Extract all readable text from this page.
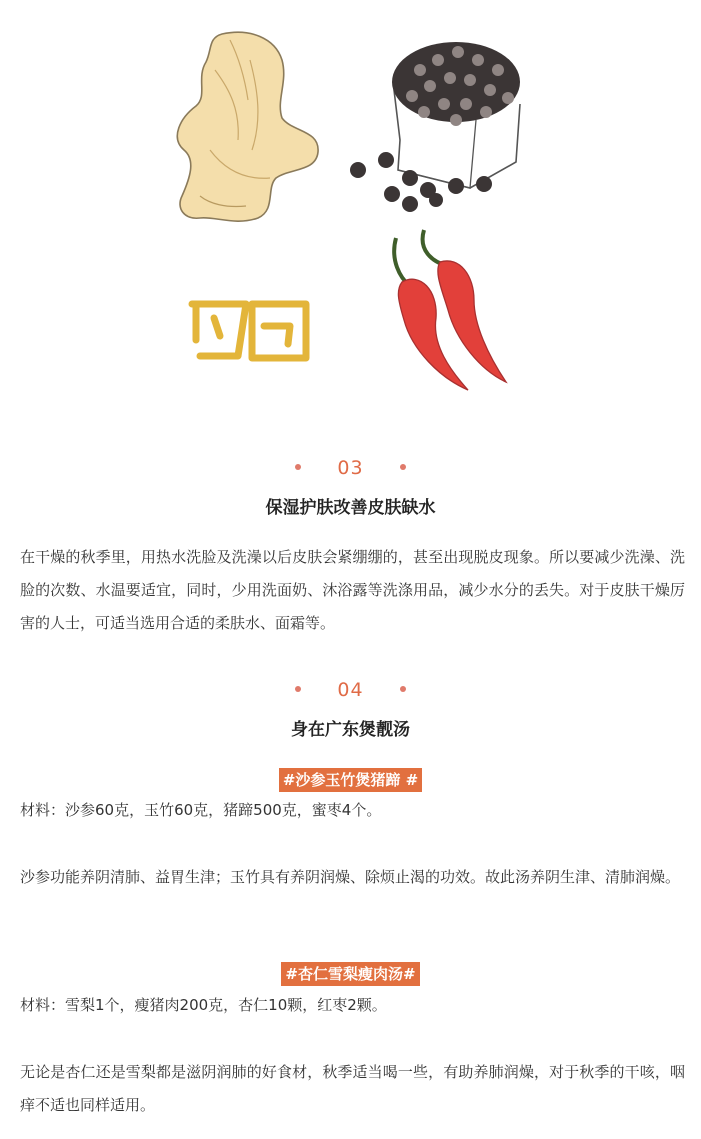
03
保湿护肤改善皮肤缺水
在干燥的秋季里，用热水洗脸及洗澡以后皮肤会紧绷绷的，甚至出现脱皮现象。所以要减少洗澡、洗脸的次数、水温要适宜，同时，少用洗面奶、沐浴露等洗涤用品，减少水分的丢失。对于皮肤干燥厉害的人士，可适当选用合适的柔肤水、面霜等。
04
身在广东煲靓汤
#沙参玉竹煲猪蹄 #
材料：沙参60克，玉竹60克，猪蹄500克，蜜枣4个。
沙参功能养阴清肺、益胃生津；玉竹具有养阴润燥、除烦止渴的功效。故此汤养阴生津、清肺润燥。
#杏仁雪梨瘦肉汤#
材料：雪梨1个，瘦猪肉200克，杏仁10颗，红枣2颗。
无论是杏仁还是雪梨都是滋阴润肺的好食材，秋季适当喝一些，有助养肺润燥，对于秋季的干咳，咽痒不适也同样适用。
